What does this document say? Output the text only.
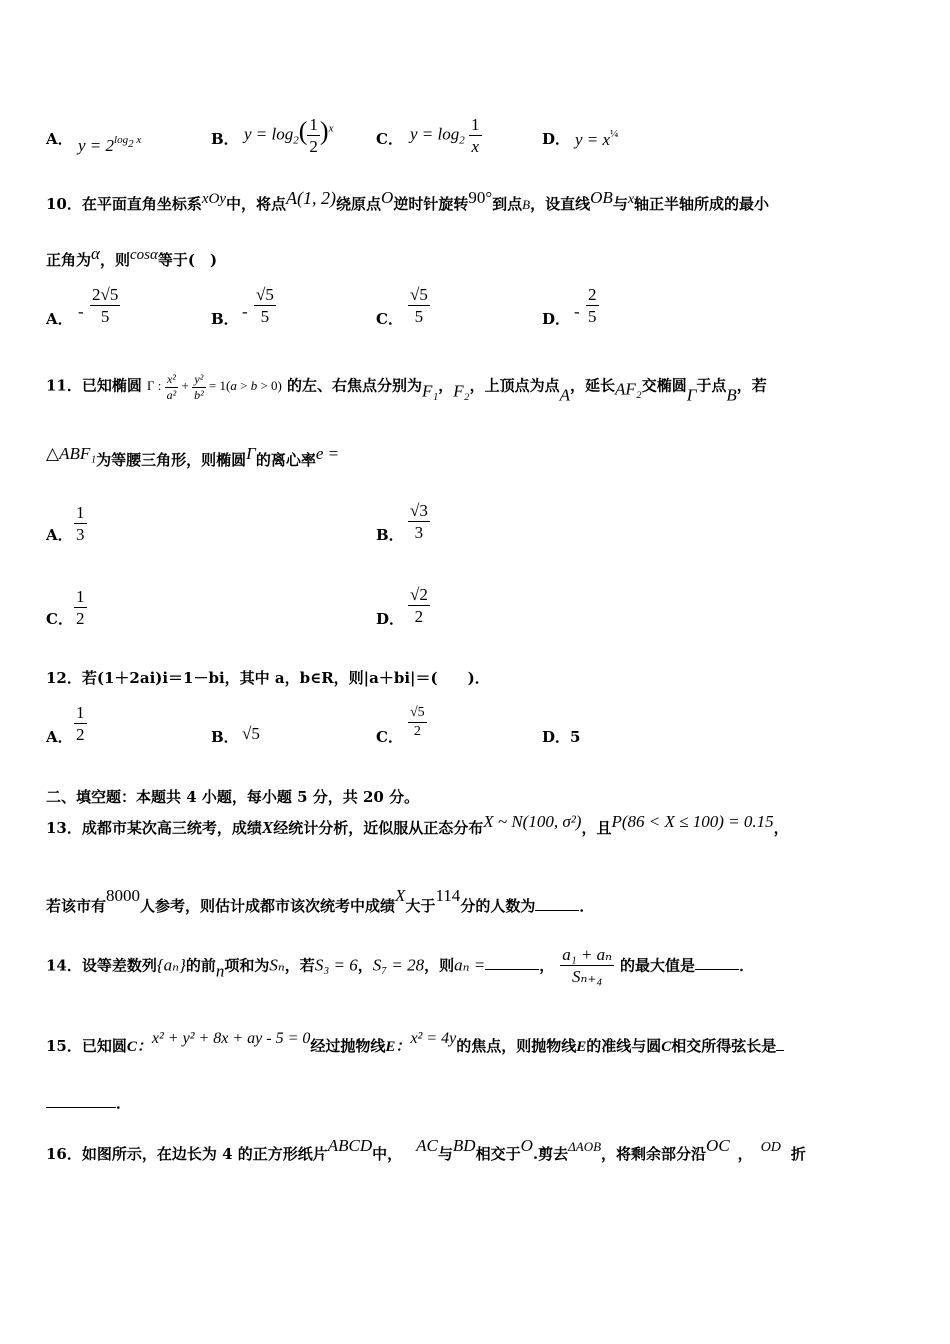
A． $y = 2^{log2 x}$	B． $y = \log_2( \frac{1}{2} )^x$
C． $y = \log_2 \frac{1}{x}$	D． $y = x^{\frac{1}{4}}$
10．在平面直角坐标系xOy中，将点A(1, 2)绕原点O逆时针旋转90°到点B，设直线OB与x轴正半轴所成的最小
正角为α，则cosα等于(　)
A． - $\frac{2√5}{5}$	B． - $\frac{√5}{5}$	C． $\frac{√5}{5}$	D． - $\frac{2}{5}$
11．已知椭圆 Γ : $\frac{\text{x²}}{\text{a²}} + \frac{\text{y²}}{\text{b²}} = 1(a > b > 0)$ 的左、右焦点分别为F₁，F₂，上顶点为点A，延长AF₂交椭圆Γ于点B，若
△ABF₁为等腰三角形，则椭圆Γ的离心率e =
A． $\frac{1}{3}$	B． $\frac{√3}{3}$
C． $\frac{1}{2}$	D． $\frac{√2}{2}$
12．若(1＋2ai)i＝1－bi，其中 a，b∈R，则|a＋bi|＝(　　)．
A． $\frac{1}{2}$	B． √5	C． $\frac{√5}{2}$	D．5
二、填空题：本题共 4 小题，每小题 5 分，共 20 分。
13．成都市某次高三统考，成绩X经统计分析，近似服从正态分布X ~ N(100, σ²)，且P(86 < X ≤ 100) = 0.15，
若该市有8000人参考，则估计成都市该次统考中成绩X大于114分的人数为	．
14．设等差数列{aₙ}的前n项和为Sₙ，若S₃ = 6，S₇ = 28，则aₙ =	， $\frac{\text{a₁ + aₙ}}{\text{Sₙ₊₄}}$ 的最大值是	．
15．已知圆C：x² + y² + 8x + ay - 5 = 0经过抛物线E：x² = 4y的焦点，则抛物线E的准线与圆C相交所得弦长是
．
16．如图所示，在边长为 4 的正方形纸片ABCD中， AC与BD相交于O.剪去$^{\Delta AOB}$，将剩余部分沿OC ， OD 折
